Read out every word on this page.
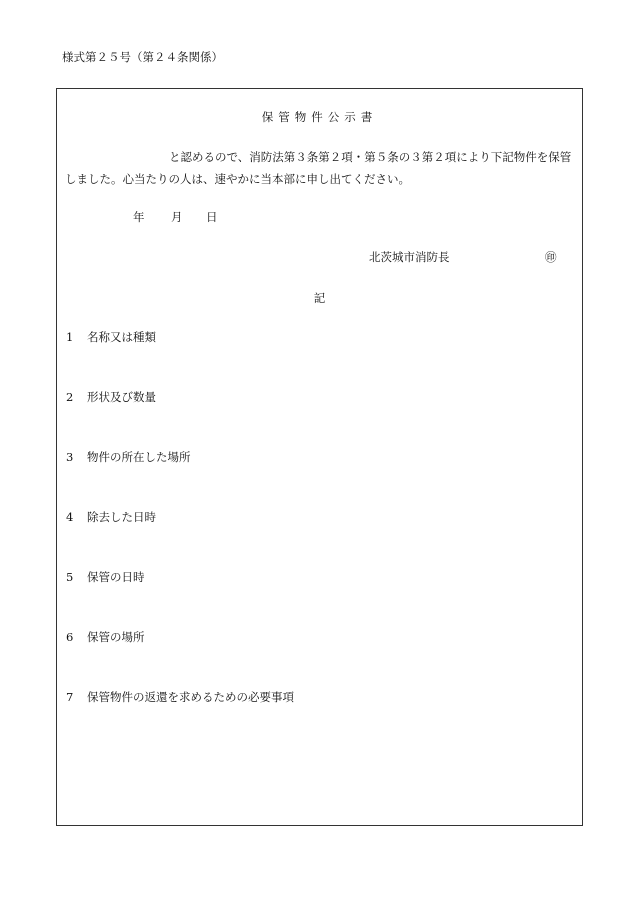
様式第２５号（第２４条関係）
保管物件公示書
と認めるので、消防法第３条第２項・第５条の３第２項により下記物件を保管
しました。心当たりの人は、速やかに当本部に申し出てください。
年 月 日
北茨城市消防長	㊞
記
1 名称又は種類
2 形状及び数量
3 物件の所在した場所
4 除去した日時
5 保管の日時
6 保管の場所
7 保管物件の返還を求めるための必要事項
